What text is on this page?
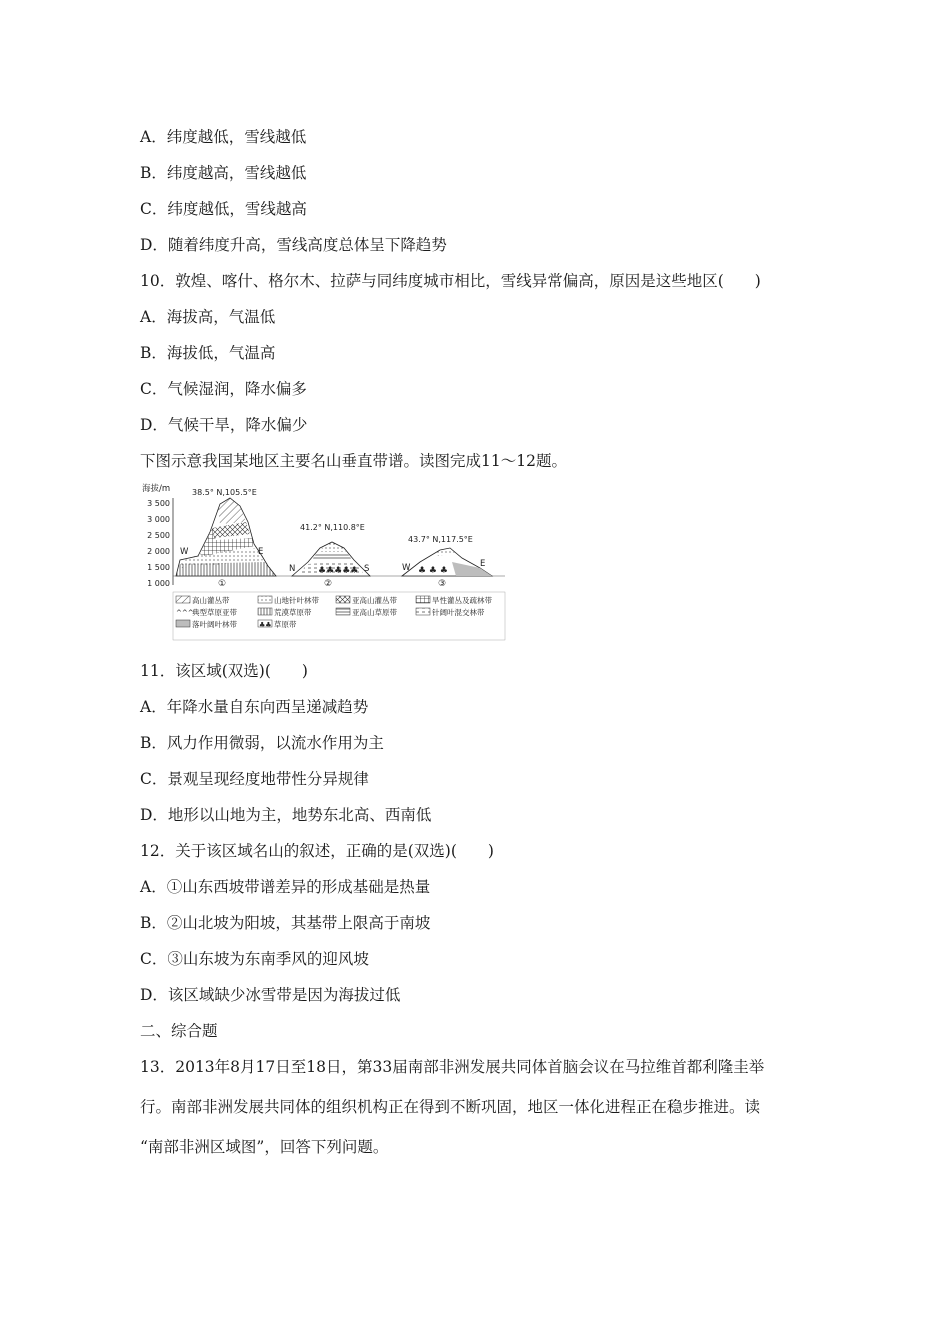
A．纬度越低，雪线越低
B．纬度越高，雪线越低
C．纬度越低，雪线越高
D．随着纬度升高，雪线高度总体呈下降趋势
10．敦煌、喀什、格尔木、拉萨与同纬度城市相比，雪线异常偏高，原因是这些地区(　　)
A．海拔高，气温低
B．海拔低，气温高
C．气候湿润，降水偏多
D．气候干旱，降水偏少
下图示意我国某地区主要名山垂直带谱。读图完成11～12题。
海拔/m
3 500
3 000
2 500
2 000
1 500
1 000
38.5° N,105.5°E
W	E
①
41.2° N,110.8°E
♣♣♣♣♣
N	S
②
43.7° N,117.5°E
♣ ♣ ♣
W	E
③
高山灌丛带	山地针叶林带	亚高山灌丛带	旱性灌丛及疏林带
^^^
典型草原亚带	荒漠草原带	亚高山草原带	针阔叶混交林带
落叶阔叶林带	♣♣ 草原带
11．该区域(双选)(　　)
A．年降水量自东向西呈递减趋势
B．风力作用微弱，以流水作用为主
C．景观呈现经度地带性分异规律
D．地形以山地为主，地势东北高、西南低
12．关于该区域名山的叙述，正确的是(双选)(　　)
A．①山东西坡带谱差异的形成基础是热量
B．②山北坡为阳坡，其基带上限高于南坡
C．③山东坡为东南季风的迎风坡
D．该区域缺少冰雪带是因为海拔过低
二、综合题
13．2013年8月17日至18日，第33届南部非洲发展共同体首脑会议在马拉维首都利隆圭举
行。南部非洲发展共同体的组织机构正在得到不断巩固，地区一体化进程正在稳步推进。读
“南部非洲区域图”，回答下列问题。
